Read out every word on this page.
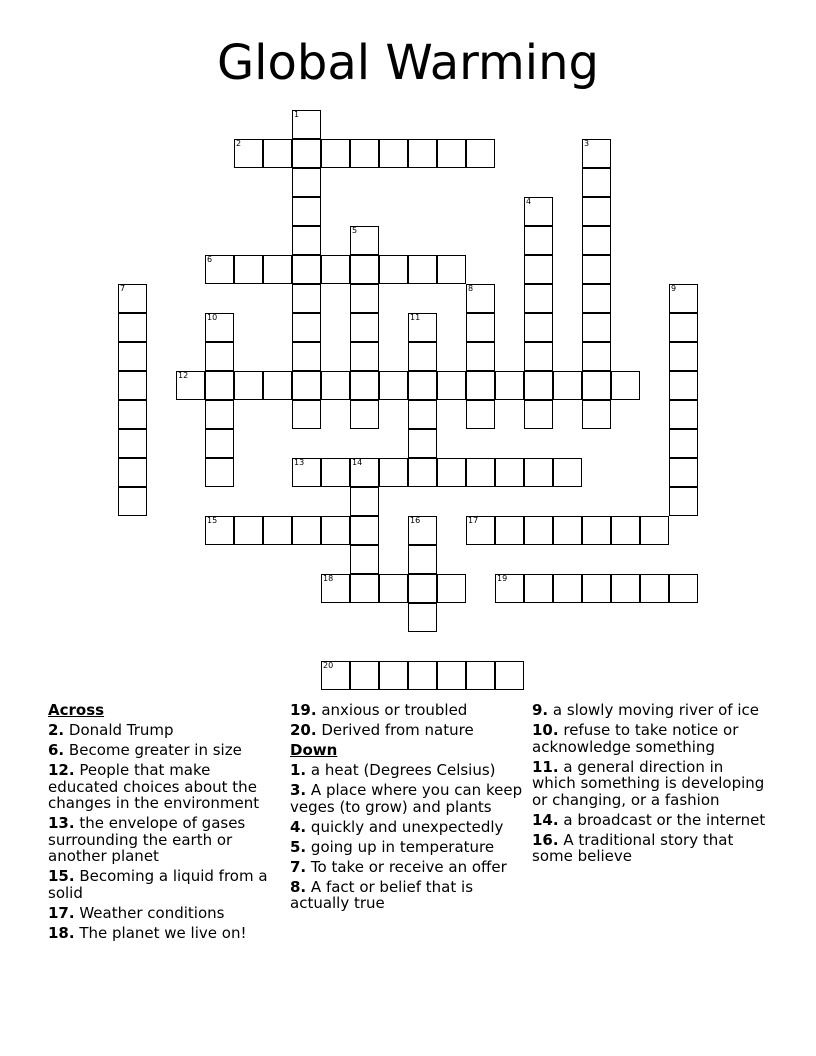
Global Warming
1
2	3
4
5
6
7	8	9
10	11
12
13	14
15	16	17
18	19
20
Across
2. Donald Trump
6. Become greater in size
12. People that make educated choices about the changes in the environment
13. the envelope of gases surrounding the earth or another planet
15. Becoming a liquid from a solid
17. Weather conditions
18. The planet we live on!
19. anxious or troubled
20. Derived from nature
Down
1. a heat (Degrees Celsius)
3. A place where you can keep veges (to grow) and plants
4. quickly and unexpectedly
5. going up in temperature
7. To take or receive an offer
8. A fact or belief that is actually true
9. a slowly moving river of ice
10. refuse to take notice or acknowledge something
11. a general direction in which something is developing or changing, or a fashion
14. a broadcast or the internet
16. A traditional story that some believe
